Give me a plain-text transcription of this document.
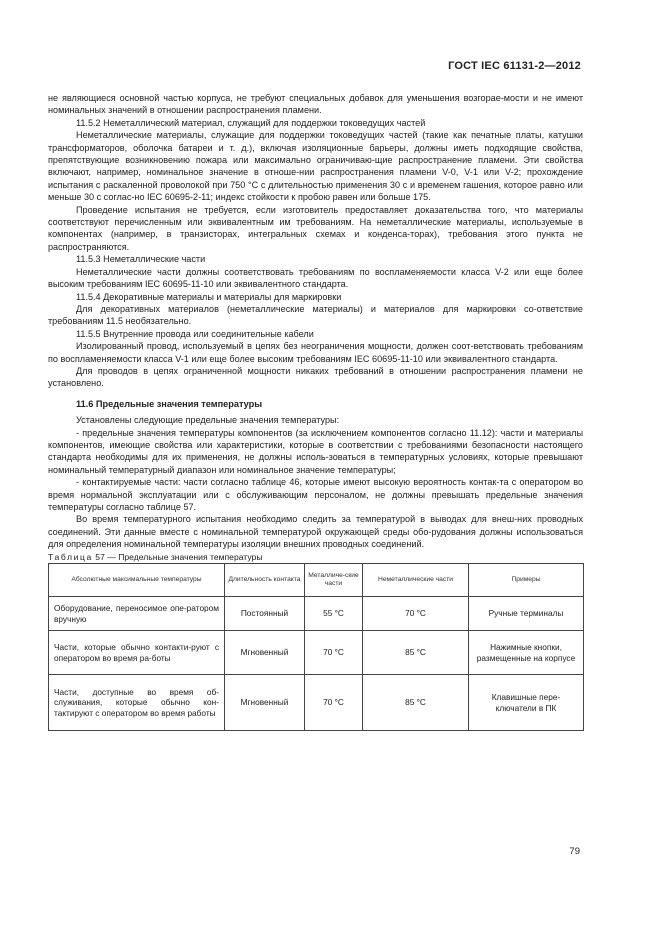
ГОСТ IEC 61131-2—2012

не являющиеся основной частью корпуса, не требуют специальных добавок для уменьшения возгорае-мости и не имеют номинальных значений в отношении распространения пламени.

11.5.2 Неметаллический материал, служащий для поддержки токоведущих частей

Неметаллические материалы, служащие для поддержки токоведущих частей (такие как печатные платы, катушки трансформаторов, оболочка батареи и т. д.), включая изоляционные барьеры, должны иметь подходящие свойства, препятствующие возникновению пожара или максимально ограничиваю-щие распространение пламени. Эти свойства включают, например, номинальное значение в отноше-нии распространения пламени V-0, V-1 или V-2; прохождение испытания с раскаленной проволокой при 750 °С с длительностью применения 30 с и временем гашения, которое равно или меньше 30 с соглас-но IEC 60695-2-11; индекс стойкости к пробою равен или больше 175.

Проведение испытания не требуется, если изготовитель предоставляет доказательства того, что материалы соответствуют перечисленным или эквивалентным им требованиям. На неметаллические материалы, используемые в компонентах (например, в транзисторах, интегральных схемах и конденса-торах), требования этого пункта не распространяются.

11.5.3 Неметаллические части

Неметаллические части должны соответствовать требованиям по воспламеняемости класса V-2 или еще более высоким требованиям IEC 60695-11-10 или эквивалентного стандарта.

11.5.4 Декоративные материалы и материалы для маркировки

Для декоративных материалов (неметаллические материалы) и материалов для маркировки со-ответствие требованиям 11.5 необязательно.

11.5.5 Внутренние провода или соединительные кабели

Изолированный провод, используемый в цепях без неограничения мощности, должен соот-ветствовать требованиям по воспламеняемости класса V-1 или еще более высоким требованиям IEC 60695-11-10 или эквивалентного стандарта.

Для проводов в цепях ограниченной мощности никаких требований в отношении распространения пламени не установлено.

11.6 Предельные значения температуры

Установлены следующие предельные значения температуры:

- предельные значения температуры компонентов (за исключением компонентов согласно 11.12): части и материалы компонентов, имеющие свойства или характеристики, которые в соответствии с требованиями безопасности настоящего стандарта необходимы для их применения, не должны исполь-зоваться в температурных условиях, которые превышают номинальный температурный диапазон или номинальное значение температуры;

- контактируемые части: части согласно таблице 46, которые имеют высокую вероятность контак-та с оператором во время нормальной эксплуатации или с обслуживающим персоналом, не должны превышать предельные значения температуры согласно таблице 57.

Во время температурного испытания необходимо следить за температурой в выводах для внеш-них проводных соединений. Эти данные вместе с номинальной температурой окружающей среды обо-рудования должны использоваться для определения номинальной температуры изоляции внешних проводных соединений.

Таблица 57 — Предельные значения температуры

Абсолютные максимальные температуры	Длительность контакта	Металличе-ские части	Неметаллические части	Примеры
Оборудование, переносимое опе-ратором вручную	Постоянный	55 °С	70 °С	Ручные терминалы
Части, которые обычно контакти-руют с оператором во время ра-боты	Мгновенный	70 °С	85 °С	Нажимные кнопки, размещенные на корпусе
Части, доступные во время об-служивания, которые обычно кон-тактируют с оператором во время работы	Мгновенный	70 °С	85 °С	Клавишные пере-ключатели в ПК
79
